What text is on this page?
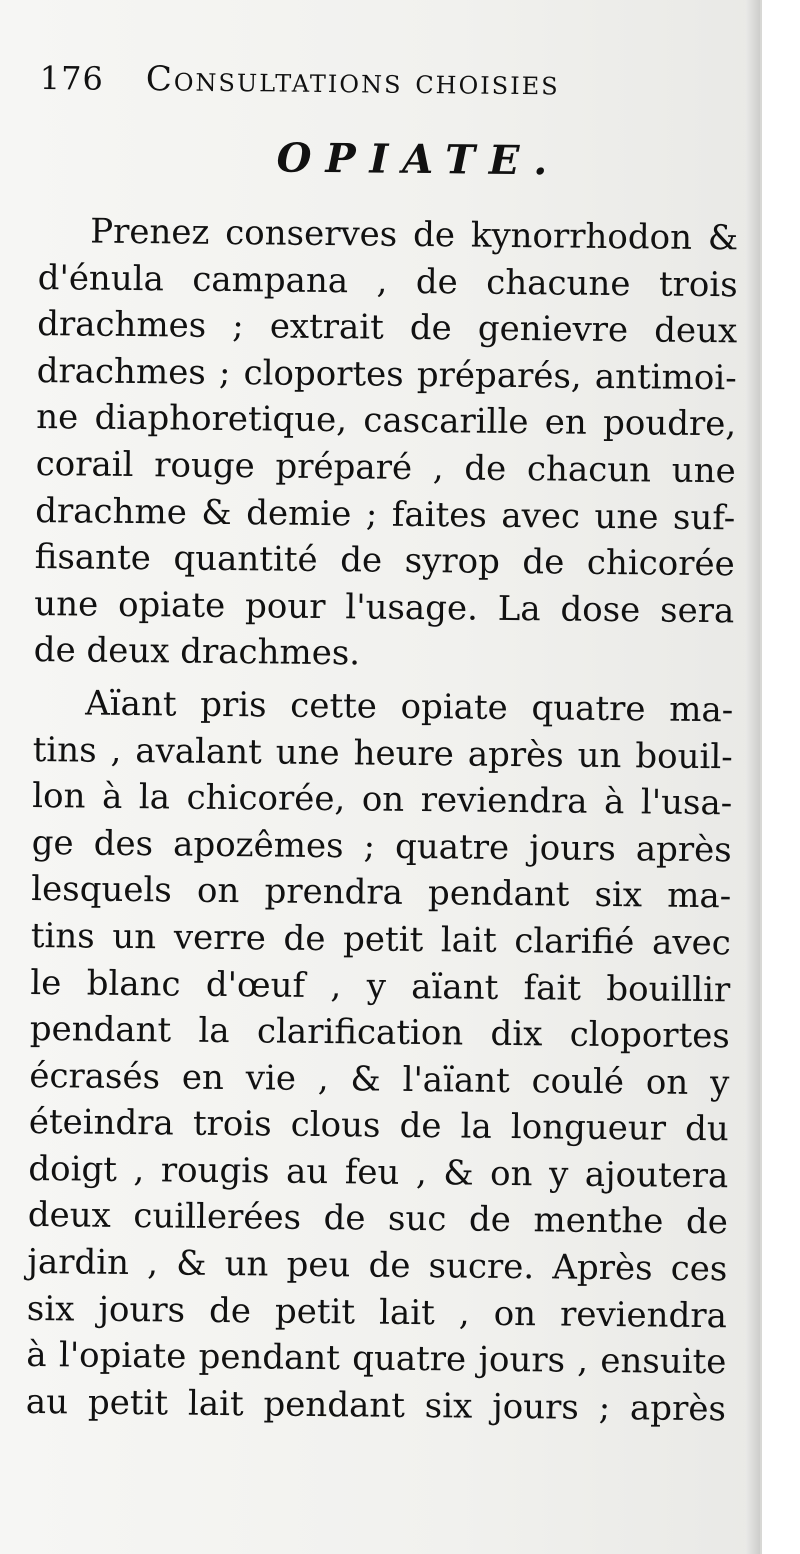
176 Consultations choisies
OPIATE.
Prenez conserves de kynorrhodon &
d'énula campana , de chacune trois
drachmes ; extrait de genievre deux
drachmes ; cloportes préparés, antimoi-
ne diaphoretique, cascarille en poudre,
corail rouge préparé , de chacun une
drachme & demie ; faites avec une suf-
fisante quantité de syrop de chicorée
une opiate pour l'usage. La dose sera
de deux drachmes.
Aïant pris cette opiate quatre ma-
tins , avalant une heure après un bouil-
lon à la chicorée, on reviendra à l'usa-
ge des apozêmes ; quatre jours après
lesquels on prendra pendant six ma-
tins un verre de petit lait clarifié avec
le blanc d'œuf , y aïant fait bouillir
pendant la clarification dix cloportes
écrasés en vie , & l'aïant coulé on y
éteindra trois clous de la longueur du
doigt , rougis au feu , & on y ajoutera
deux cuillerées de suc de menthe de
jardin , & un peu de sucre. Après ces
six jours de petit lait , on reviendra
à l'opiate pendant quatre jours , ensuite
au petit lait pendant six jours ; après
